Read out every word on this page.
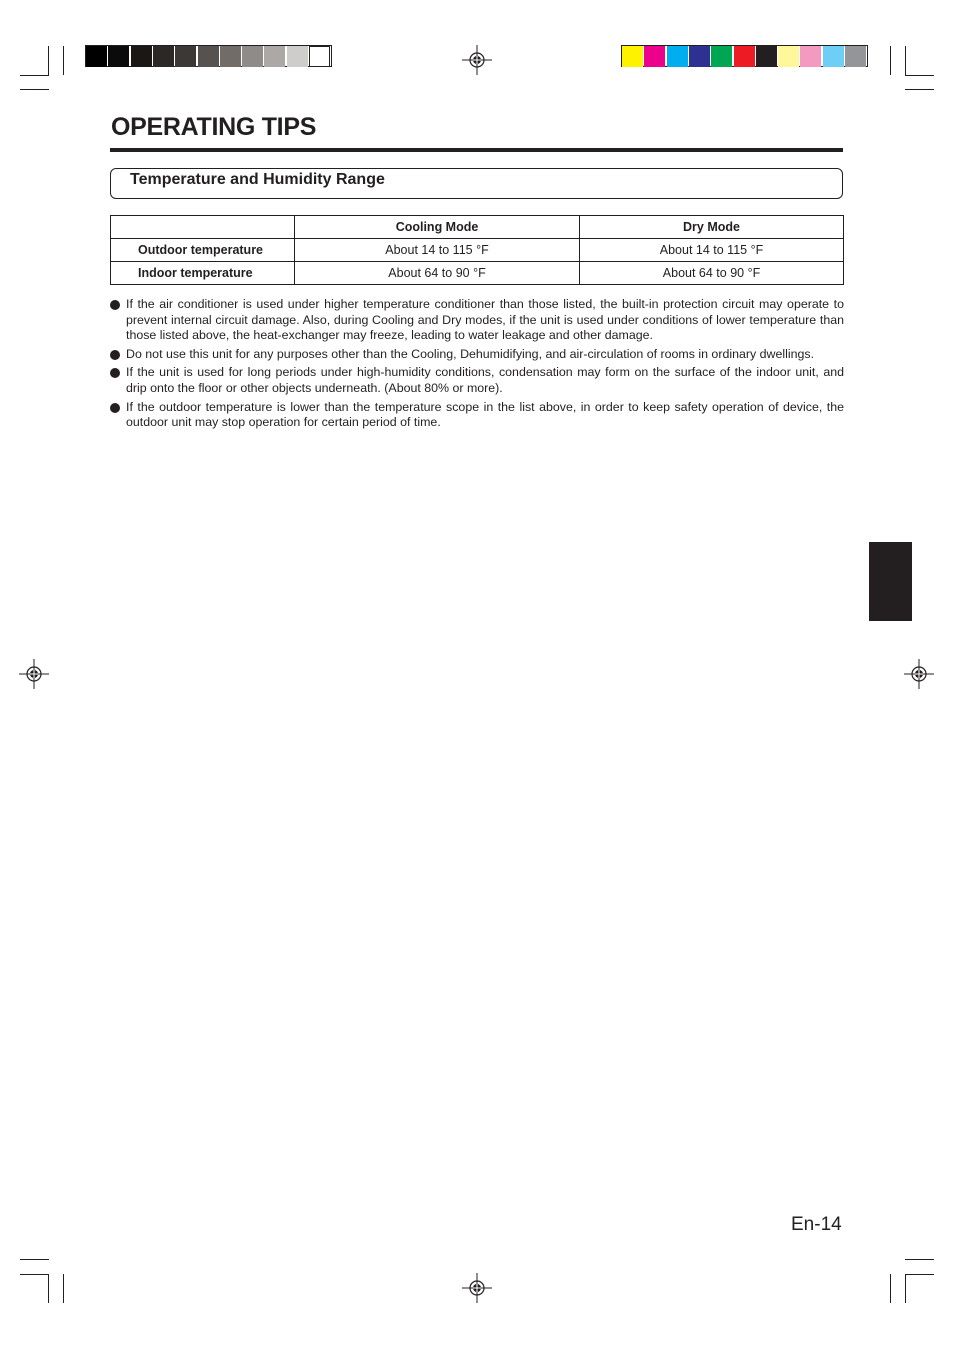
OPERATING TIPS
Temperature and Humidity Range
	Cooling Mode	Dry Mode
Outdoor temperature	About 14 to 115 °F	About 14 to 115 °F
Indoor temperature	About 64 to 90 °F	About 64 to 90 °F
If the air conditioner is used under higher temperature conditioner than those listed, the built-in protection circuit may operate to prevent internal circuit damage. Also, during Cooling and Dry modes, if the unit is used under conditions of lower temperature than those listed above, the heat-exchanger may freeze, leading to water leakage and other damage.
Do not use this unit for any purposes other than the Cooling, Dehumidifying, and air-circulation of rooms in ordinary dwellings.
If the unit is used for long periods under high-humidity conditions, condensation may form on the surface of the indoor unit, and drip onto the floor or other objects underneath. (About 80% or more).
If the outdoor temperature is lower than the temperature scope in the list above, in order to keep safety operation of device, the outdoor unit may stop operation for certain period of time.
En-14
